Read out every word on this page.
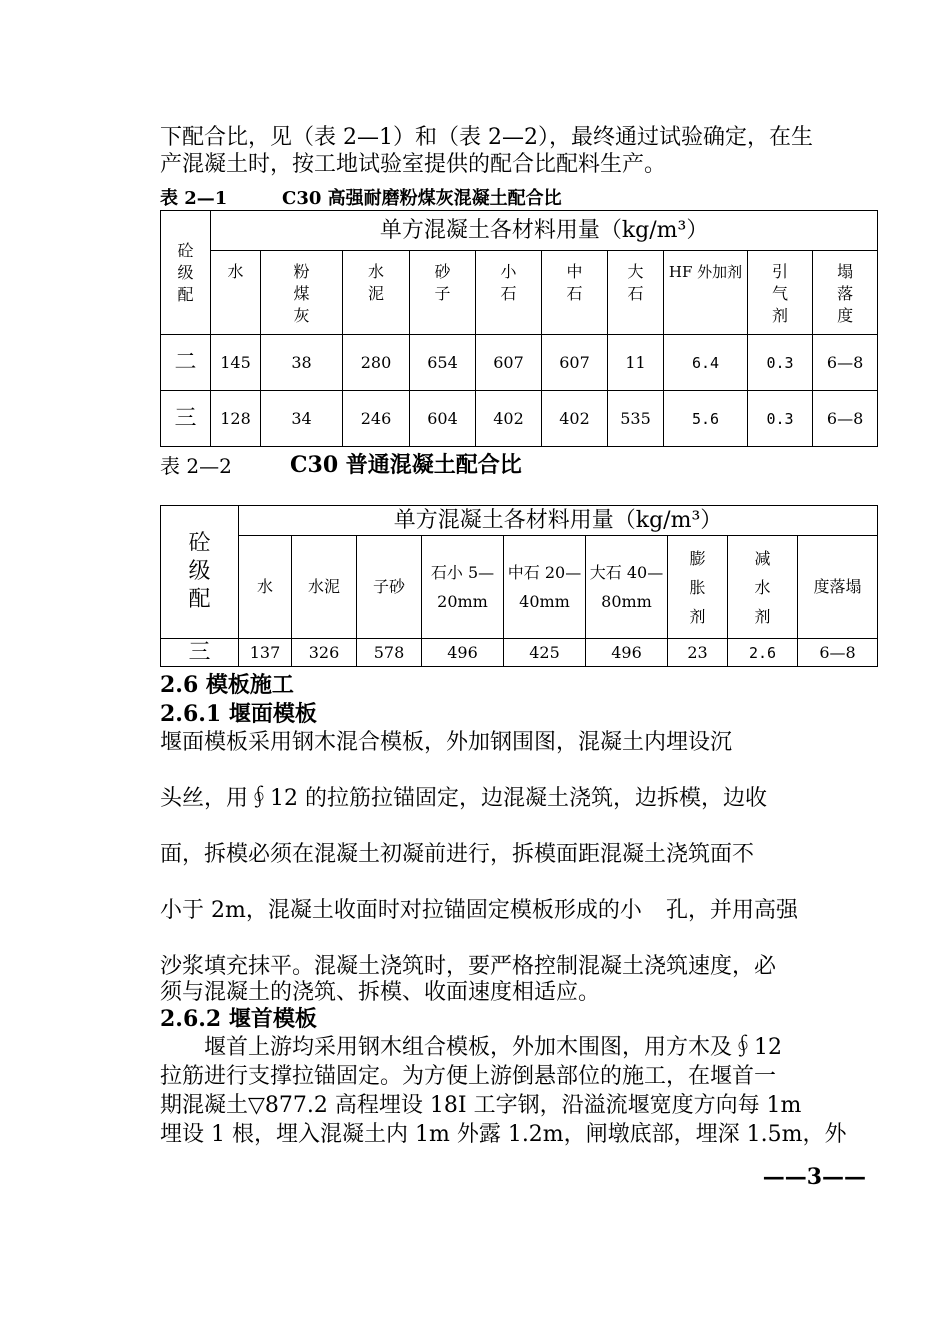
下配合比，见（表 2—1）和（表 2—2），最终通过试验确定，在生
产混凝土时，按工地试验室提供的配合比配料生产。
表 2—1	C30 高强耐磨粉煤灰混凝土配合比
砼级配	单方混凝土各材料用量（kg/m³）									
	水	粉煤灰	水泥	砂子	小石	中石	大石	HF 外加剂	引气剂	塌落度
二	145	38	280	654	607	607	11	6.4	0.3	6—8
三	128	34	246	604	402	402	535	5.6	0.3	6—8
表 2—2	C30 普通混凝土配合比
砼级配	单方混凝土各材料用量（kg/m³）								
	水	水泥	子砂	石小 5—20mm	中石 20—40mm	大石 40—80mm	膨胀剂	减水剂	度落塌
三	137	326	578	496	425	496	23	2.6	6—8
2.6 模板施工
2.6.1 堰面模板
堰面模板采用钢木混合模板，外加钢围图，混凝土内埋设沉
头丝，用∮12 的拉筋拉锚固定，边混凝土浇筑，边拆模，边收
面，拆模必须在混凝土初凝前进行，拆模面距混凝土浇筑面不
小于 2m，混凝土收面时对拉锚固定模板形成的小 孔，并用高强
沙浆填充抹平。混凝土浇筑时，要严格控制混凝土浇筑速度，必
须与混凝土的浇筑、拆模、收面速度相适应。
2.6.2 堰首模板
　　堰首上游均采用钢木组合模板，外加木围图，用方木及∮12
拉筋进行支撑拉锚固定。为方便上游倒悬部位的施工，在堰首一
期混凝土▽877.2 高程埋设 18I 工字钢，沿溢流堰宽度方向每 1m
埋设 1 根，埋入混凝土内 1m 外露 1.2m，闸墩底部，埋深 1.5m，外
——3——
